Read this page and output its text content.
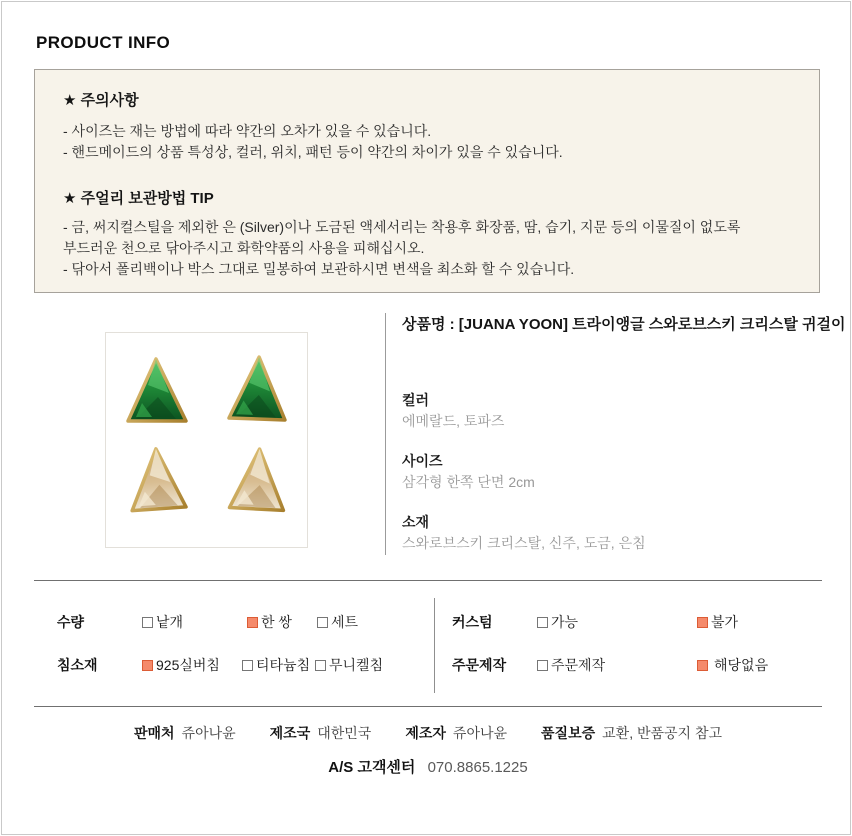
PRODUCT INFO
★ 주의사항
- 사이즈는 재는 방법에 따라 약간의 오차가 있을 수 있습니다.
- 핸드메이드의 상품 특성상, 컬러, 위치, 패턴 등이 약간의 차이가 있을 수 있습니다.
★ 주얼리 보관방법 TIP
- 금, 써지컬스틸을 제외한 은 (Silver)이나 도금된 액세서리는 착용후 화장품, 땀, 습기, 지문 등의 이물질이 없도록
부드러운 천으로 닦아주시고 화학약품의 사용을 피해십시오.
- 닦아서 폴리백이나 박스 그대로 밀봉하여 보관하시면 변색을 최소화 할 수 있습니다.
상품명 : [JUANA YOON] 트라이앵글 스와로브스키 크리스탈 귀걸이
컬러
에메랄드, 토파즈
사이즈
삼각형 한쪽 단면 2cm
소재
스와로브스키 크리스탈, 신주, 도금, 은침
수량	낱개	한 쌍	세트
침소재	925실버침	티타늄침	무니켈침
커스텀	가능	불가
주문제작	주문제작	해당없음
판매처 쥬아나윤 제조국 대한민국 제조자 쥬아나윤 품질보증 교환, 반품공지 참고
A/S 고객센터 070.8865.1225
